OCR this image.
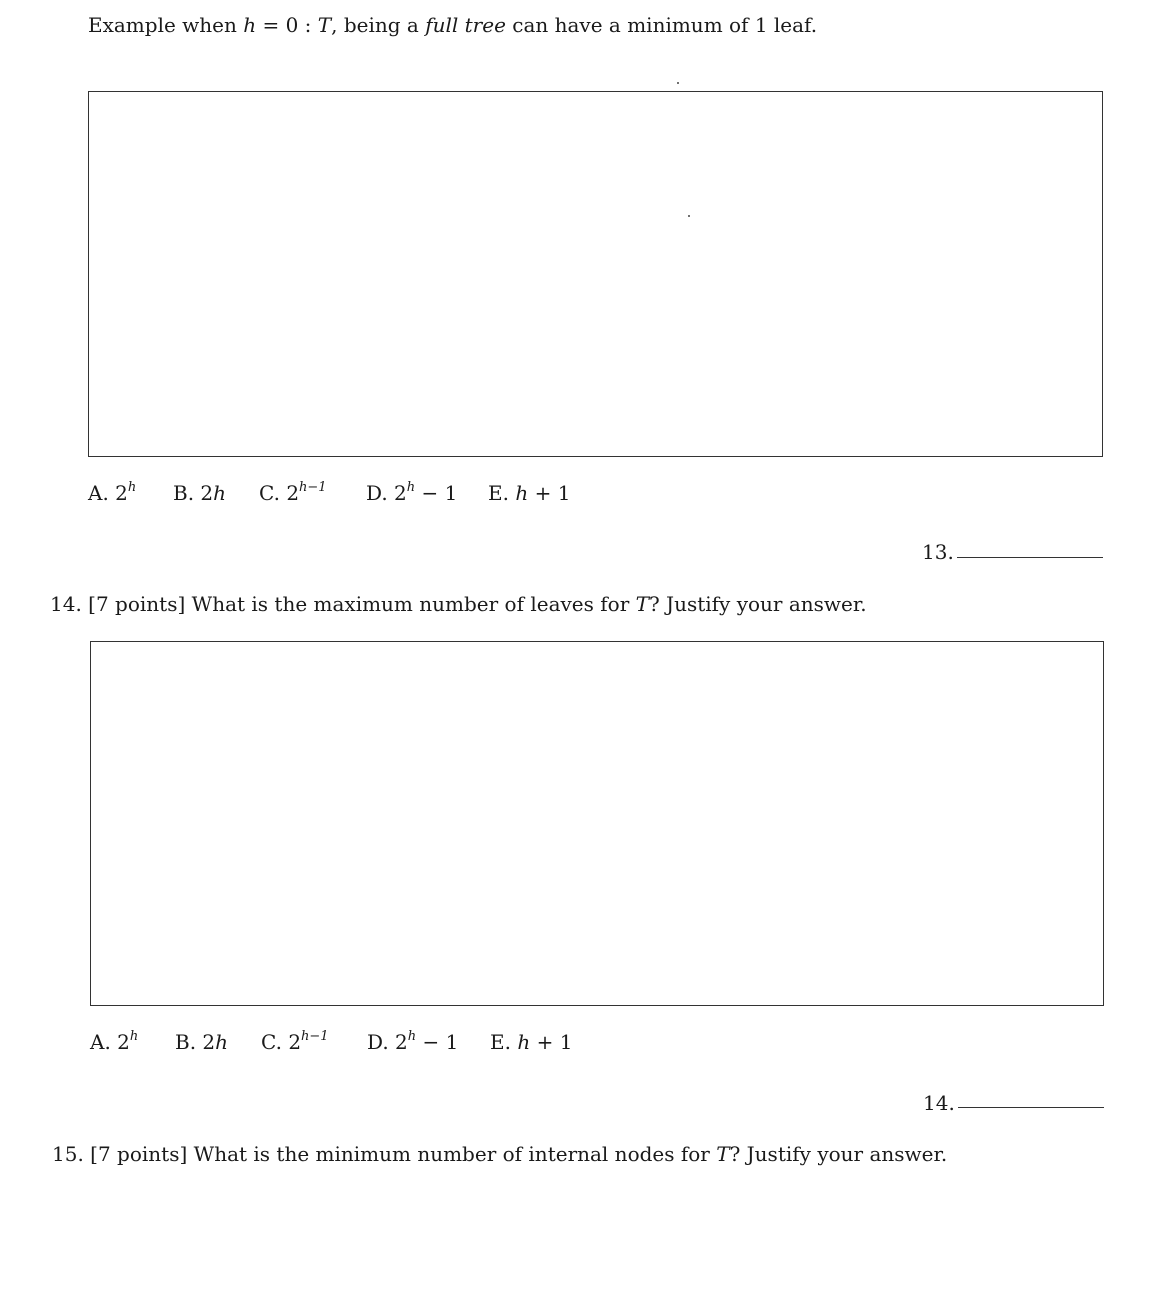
Example when h = 0 : T, being a full tree can have a minimum of 1 leaf.
A. 2$^h$ B. 2h C. $2^{h-1}$ D. $2^h - 1$ E. h + 1
13.
14. [7 points] What is the maximum number of leaves for T? Justify your answer.
A. 2$^h$ B. 2h C. $2^{h-1}$ D. $2^h - 1$ E. h + 1
14.
15. [7 points] What is the minimum number of internal nodes for T? Justify your answer.
